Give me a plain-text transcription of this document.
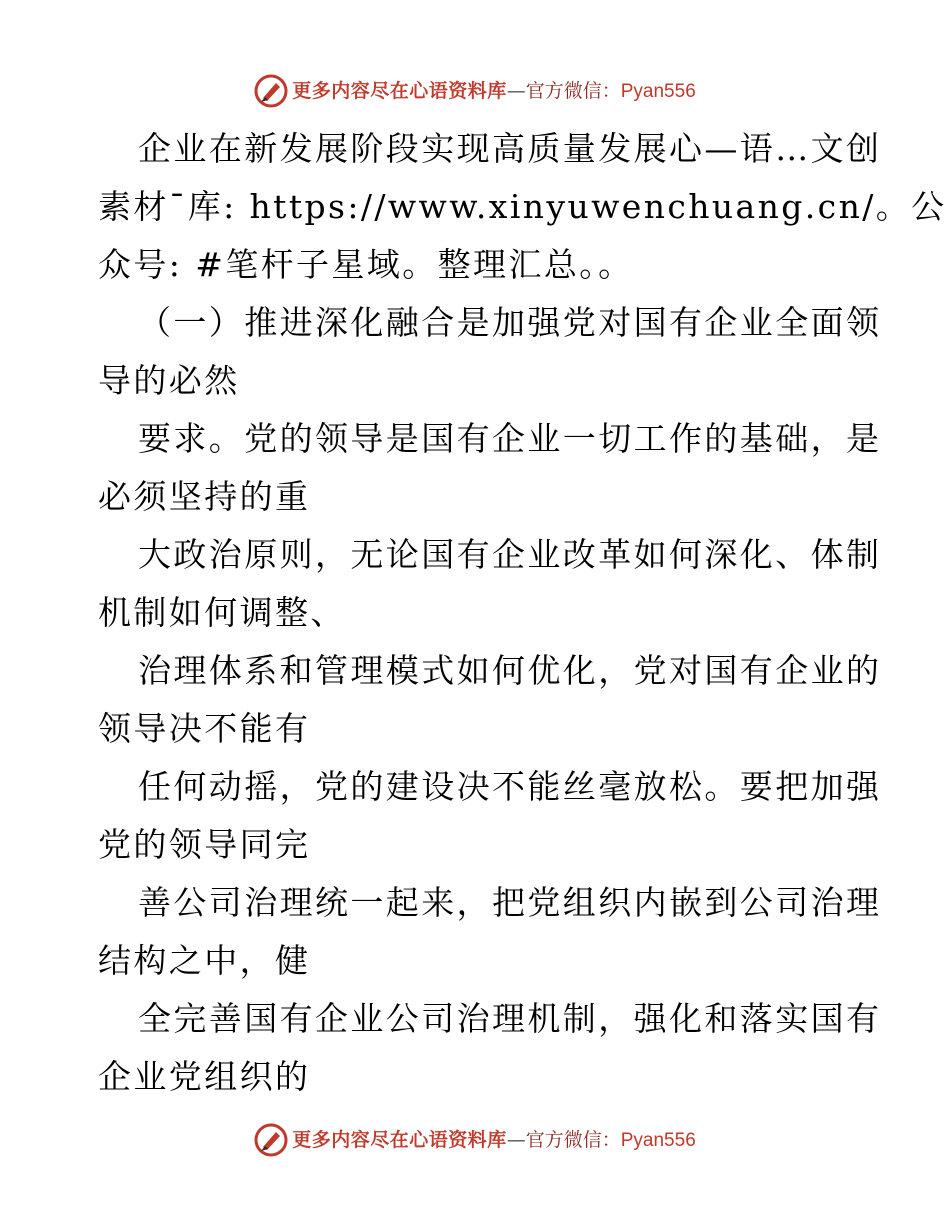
更多内容尽在心语资料库 — 官方微信： Pyan556
企业在新发展阶段实现高质量发展心—语…文创
素材¯库: https://www.xinyuwenchuang.cn/。公
众号: #笔杆子星域。整理汇总。。
（一）推进深化融合是加强党对国有企业全面领
导的必然
要求。党的领导是国有企业一切工作的基础，是
必须坚持的重
大政治原则，无论国有企业改革如何深化、体制
机制如何调整、
治理体系和管理模式如何优化，党对国有企业的
领导决不能有
任何动摇，党的建设决不能丝毫放松。要把加强
党的领导同完
善公司治理统一起来，把党组织内嵌到公司治理
结构之中，健
全完善国有企业公司治理机制，强化和落实国有
企业党组织的
更多内容尽在心语资料库 — 官方微信： Pyan556
